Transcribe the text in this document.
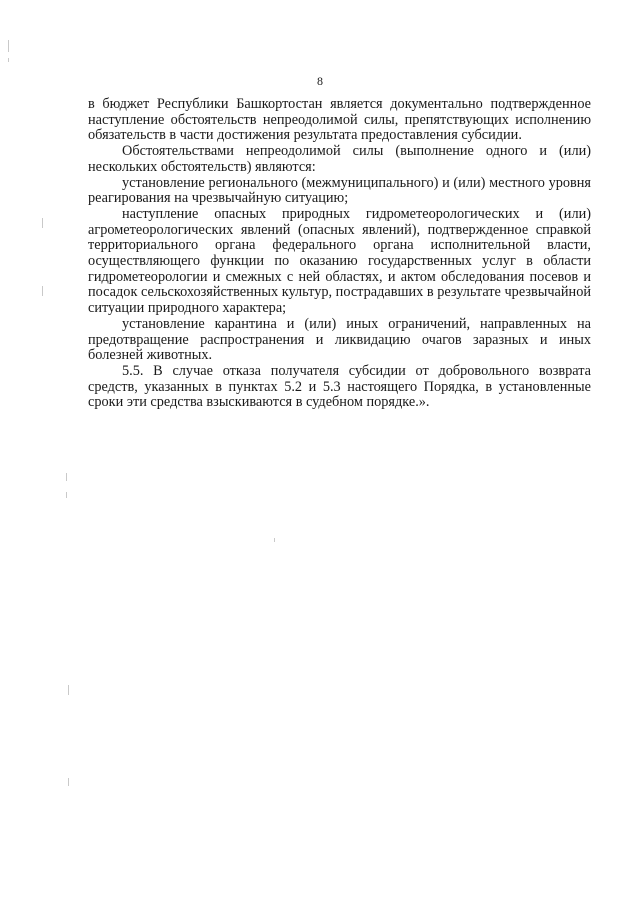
8

в бюджет Республики Башкортостан является документально подтвержденное наступление обстоятельств непреодолимой силы, препятствующих исполнению обязательств в части достижения результата предоставления субсидии.

Обстоятельствами непреодолимой силы (выполнение одного и (или) нескольких обстоятельств) являются:

установление регионального (межмуниципального) и (или) местного уровня реагирования на чрезвычайную ситуацию;

наступление опасных природных гидрометеорологических и (или) агрометеорологических явлений (опасных явлений), подтвержденное справкой территориального органа федерального органа исполнительной власти, осуществляющего функции по оказанию государственных услуг в области гидрометеорологии и смежных с ней областях, и актом обследования посевов и посадок сельскохозяйственных культур, пострадавших в результате чрезвычайной ситуации природного характера;

установление карантина и (или) иных ограничений, направленных на предотвращение распространения и ликвидацию очагов заразных и иных болезней животных.

5.5. В случае отказа получателя субсидии от добровольного возврата средств, указанных в пунктах 5.2 и 5.3 настоящего Порядка, в установленные сроки эти средства взыскиваются в судебном порядке.».
